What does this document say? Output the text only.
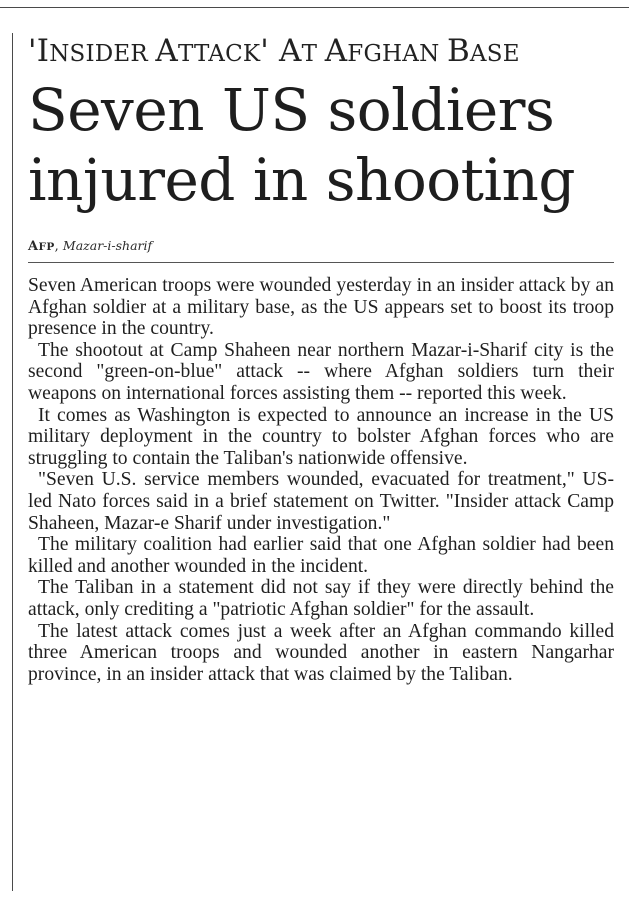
'INSIDER ATTACK' AT AFGHAN BASE
Seven US soldiers
injured in shooting
AFP, Mazar-i-sharif

Seven American troops were wounded yesterday in an insider attack by an Afghan soldier at a military base, as the US appears set to boost its troop presence in the country.

The shootout at Camp Shaheen near northern Mazar-i-Sharif city is the second "green-on-blue" attack -- where Afghan soldiers turn their weapons on international forces assisting them -- reported this week.

It comes as Washington is expected to announce an increase in the US military deployment in the country to bolster Afghan forces who are struggling to contain the Taliban's nationwide offensive.

"Seven U.S. service members wounded, evacuated for treatment," US-led Nato forces said in a brief statement on Twitter. "Insider attack Camp Shaheen, Mazar-e Sharif under investigation."

The military coalition had earlier said that one Afghan soldier had been killed and another wounded in the incident.

The Taliban in a statement did not say if they were directly behind the attack, only crediting a "patriotic Afghan soldier" for the assault.

The latest attack comes just a week after an Afghan commando killed three American troops and wounded another in eastern Nangarhar province, in an insider attack that was claimed by the Taliban.
